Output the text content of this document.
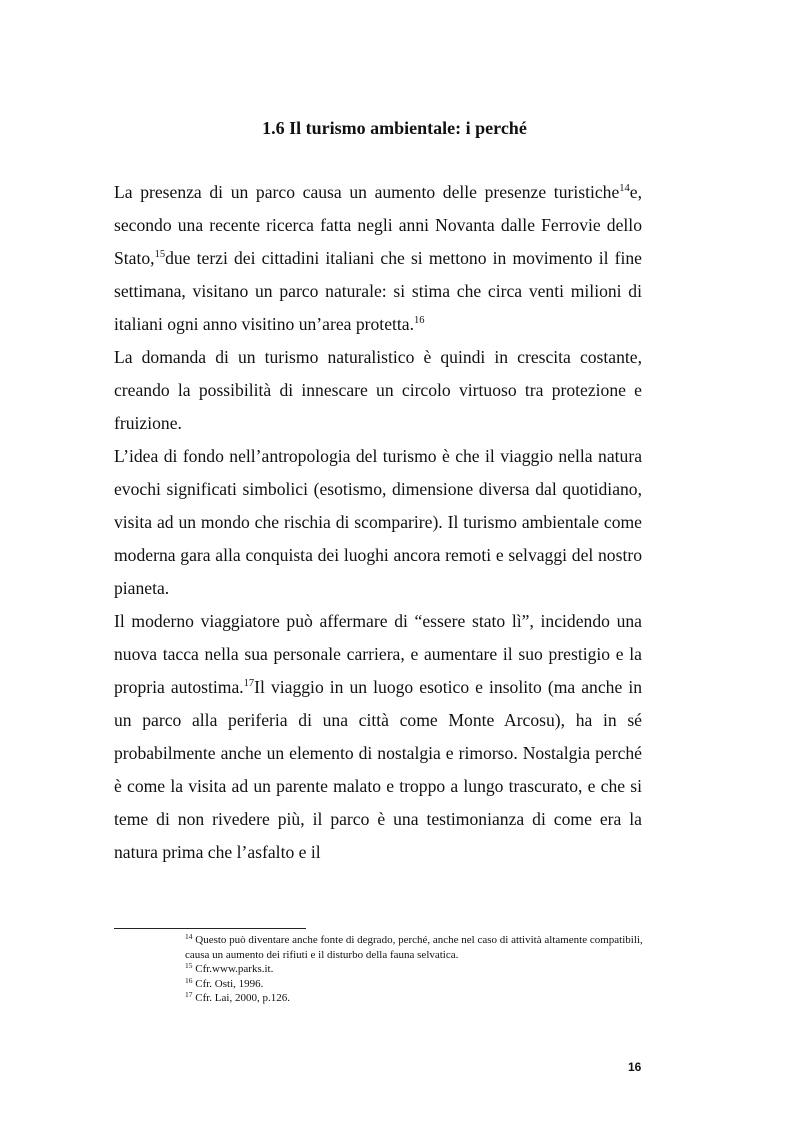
1.6 Il turismo ambientale: i perché

La presenza di un parco causa un aumento delle presenze turistiche$^{14}$e, secondo una recente ricerca fatta negli anni Novanta dalle Ferrovie dello Stato,$^{15}$due terzi dei cittadini italiani che si mettono in movimento il fine settimana, visitano un parco naturale: si stima che circa venti milioni di italiani ogni anno visitino un’area protetta.$^{16}$

La domanda di un turismo naturalistico è quindi in crescita costante, creando la possibilità di innescare un circolo virtuoso tra protezione e fruizione.

L’idea di fondo nell’antropologia del turismo è che il viaggio nella natura evochi significati simbolici (esotismo, dimensione diversa dal quotidiano, visita ad un mondo che rischia di scomparire). Il turismo ambientale come moderna gara alla conquista dei luoghi ancora remoti e selvaggi del nostro pianeta.

Il moderno viaggiatore può affermare di “essere stato lì”, incidendo una nuova tacca nella sua personale carriera, e aumentare il suo prestigio e la propria autostima.$^{17}$Il viaggio in un luogo esotico e insolito (ma anche in un parco alla periferia di una città come Monte Arcosu), ha in sé probabilmente anche un elemento di nostalgia e rimorso. Nostalgia perché è come la visita ad un parente malato e troppo a lungo trascurato, e che si teme di non rivedere più, il parco è una testimonianza di come era la natura prima che l’asfalto e il

$^{14}$ Questo può diventare anche fonte di degrado, perché, anche nel caso di attività altamente compatibili, causa un aumento dei rifiuti e il disturbo della fauna selvatica.
$^{15}$ Cfr.www.parks.it.
$^{16}$ Cfr. Osti, 1996.
$^{17}$ Cfr. Lai, 2000, p.126.
16
